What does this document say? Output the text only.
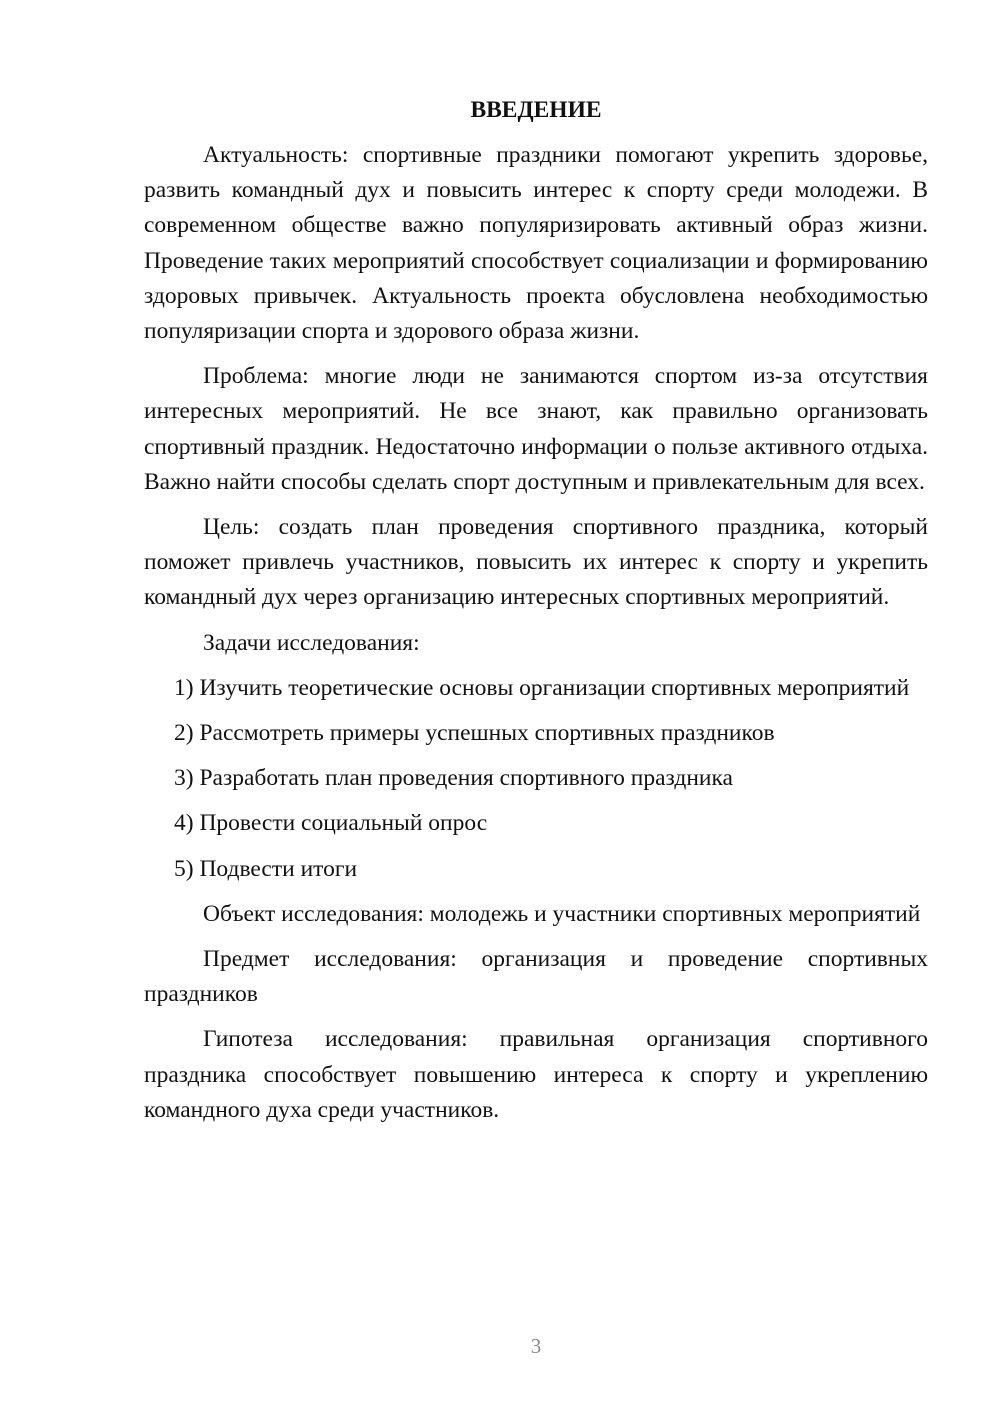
ВВЕДЕНИЕ

Актуальность: спортивные праздники помогают укрепить здоровье, развить командный дух и повысить интерес к спорту среди молодежи. В современном обществе важно популяризировать активный образ жизни. Проведение таких мероприятий способствует социализации и формированию здоровых привычек. Актуальность проекта обусловлена необходимостью популяризации спорта и здорового образа жизни.

Проблема: многие люди не занимаются спортом из-за отсутствия интересных мероприятий. Не все знают, как правильно организовать спортивный праздник. Недостаточно информации о пользе активного отдыха. Важно найти способы сделать спорт доступным и привлекательным для всех.

Цель: создать план проведения спортивного праздника, который поможет привлечь участников, повысить их интерес к спорту и укрепить командный дух через организацию интересных спортивных мероприятий.

Задачи исследования:

1) Изучить теоретические основы организации спортивных мероприятий

2) Рассмотреть примеры успешных спортивных праздников

3) Разработать план проведения спортивного праздника

4) Провести социальный опрос

5) Подвести итоги

Объект исследования: молодежь и участники спортивных мероприятий

Предмет исследования: организация и проведение спортивных праздников

Гипотеза исследования: правильная организация спортивного праздника способствует повышению интереса к спорту и укреплению командного духа среди участников.

3
